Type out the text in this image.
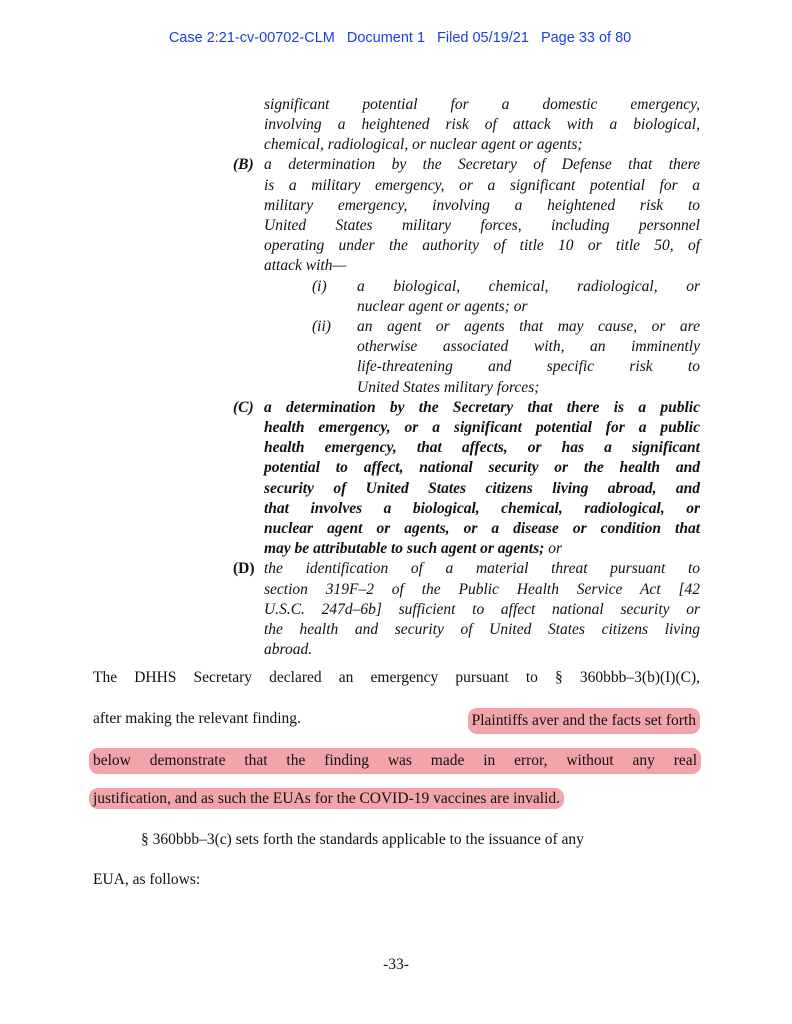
Case 2:21-cv-00702-CLM Document 1 Filed 05/19/21 Page 33 of 80

significant potential for a domestic emergency,
involving a heightened risk of attack with a biological,
chemical, radiological, or nuclear agent or agents;
(B) a determination by the Secretary of Defense that there
is a military emergency, or a significant potential for a
military emergency, involving a heightened risk to
United States military forces, including personnel
operating under the authority of title 10 or title 50, of
attack with—
(i) a biological, chemical, radiological, or
nuclear agent or agents; or
(ii) an agent or agents that may cause, or are
otherwise associated with, an imminently
life-threatening and specific risk to
United States military forces;
(C) a determination by the Secretary that there is a public
health emergency, or a significant potential for a public
health emergency, that affects, or has a significant
potential to affect, national security or the health and
security of United States citizens living abroad, and
that involves a biological, chemical, radiological, or
nuclear agent or agents, or a disease or condition that
may be attributable to such agent or agents; or
(D) the identification of a material threat pursuant to
section 319F–2 of the Public Health Service Act [42
U.S.C. 247d–6b] sufficient to affect national security or
the health and security of United States citizens living
abroad.
The DHHS Secretary declared an emergency pursuant to § 360bbb–3(b)(I)(C),
after making the relevant finding.	Plaintiffs aver and the facts set forth
below demonstrate that the finding was made in error, without any real
justification, and as such the EUAs for the COVID-19 vaccines are invalid.
§ 360bbb–3(c) sets forth the standards applicable to the issuance of any
EUA, as follows:
-33-
